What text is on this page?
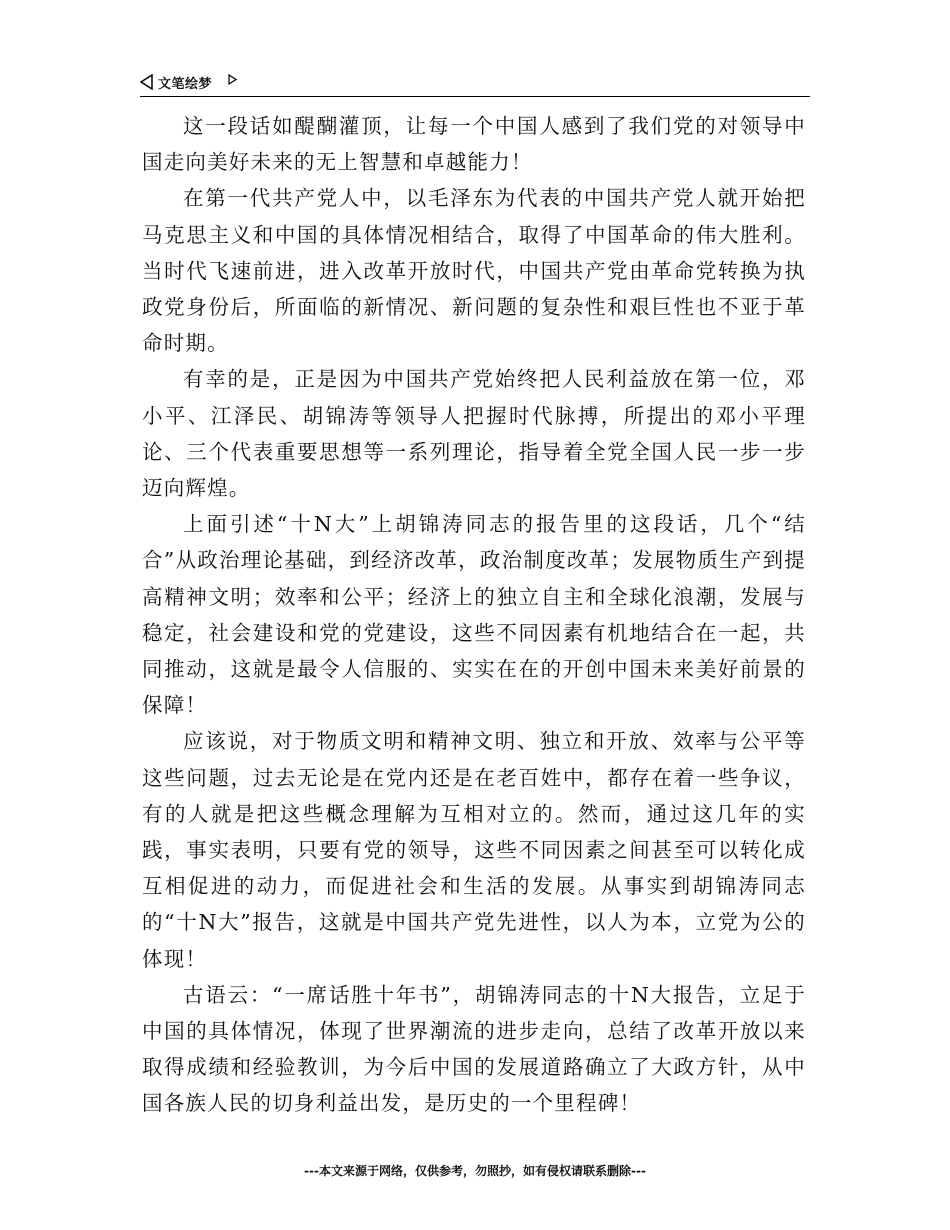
文笔绘梦

这一段话如醍醐灌顶，让每一个中国人感到了我们党的对领导中国走向美好未来的无上智慧和卓越能力！

在第一代共产党人中，以毛泽东为代表的中国共产党人就开始把马克思主义和中国的具体情况相结合，取得了中国革命的伟大胜利。当时代飞速前进，进入改革开放时代，中国共产党由革命党转换为执政党身份后，所面临的新情况、新问题的复杂性和艰巨性也不亚于革命时期。

有幸的是，正是因为中国共产党始终把人民利益放在第一位，邓小平、江泽民、胡锦涛等领导人把握时代脉搏，所提出的邓小平理论、三个代表重要思想等一系列理论，指导着全党全国人民一步一步迈向辉煌。

上面引述“十N大”上胡锦涛同志的报告里的这段话，几个“结合”从政治理论基础，到经济改革，政治制度改革；发展物质生产到提高精神文明；效率和公平；经济上的独立自主和全球化浪潮，发展与稳定，社会建设和党的党建设，这些不同因素有机地结合在一起，共同推动，这就是最令人信服的、实实在在的开创中国未来美好前景的保障！

应该说，对于物质文明和精神文明、独立和开放、效率与公平等这些问题，过去无论是在党内还是在老百姓中，都存在着一些争议，有的人就是把这些概念理解为互相对立的。然而，通过这几年的实践，事实表明，只要有党的领导，这些不同因素之间甚至可以转化成互相促进的动力，而促进社会和生活的发展。从事实到胡锦涛同志的“十N大”报告，这就是中国共产党先进性，以人为本，立党为公的体现！

古语云：“一席话胜十年书”，胡锦涛同志的十N大报告，立足于中国的具体情况，体现了世界潮流的进步走向，总结了改革开放以来取得成绩和经验教训，为今后中国的发展道路确立了大政方针，从中国各族人民的切身利益出发，是历史的一个里程碑！

---本文来源于网络，仅供参考，勿照抄，如有侵权请联系删除---
